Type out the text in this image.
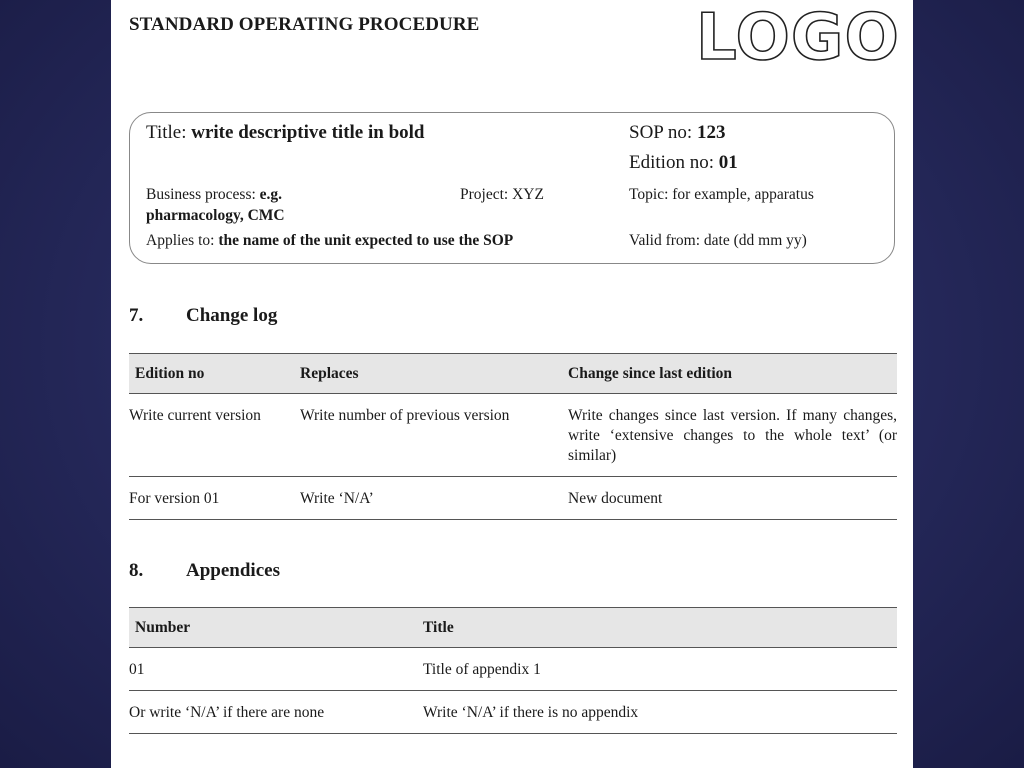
STANDARD OPERATING PROCEDURE	LOGO
Title: write descriptive title in bold	SOP no: 123
Edition no: 01
Business process: e.g.
pharmacology, CMC
Project: XYZ	Topic: for example, apparatus
Applies to: the name of the unit expected to use the SOP	Valid from: date (dd mm yy)
7. Change log
Edition no	Replaces	Change since last edition
Write current version	Write number of previous version	Write changes since last version. If many changes, write ‘extensive changes to the whole text’ (or similar)
For version 01	Write ‘N/A’	New document
8. Appendices
Number	Title
01	Title of appendix 1
Or write ‘N/A’ if there are none	Write ‘N/A’ if there is no appendix
